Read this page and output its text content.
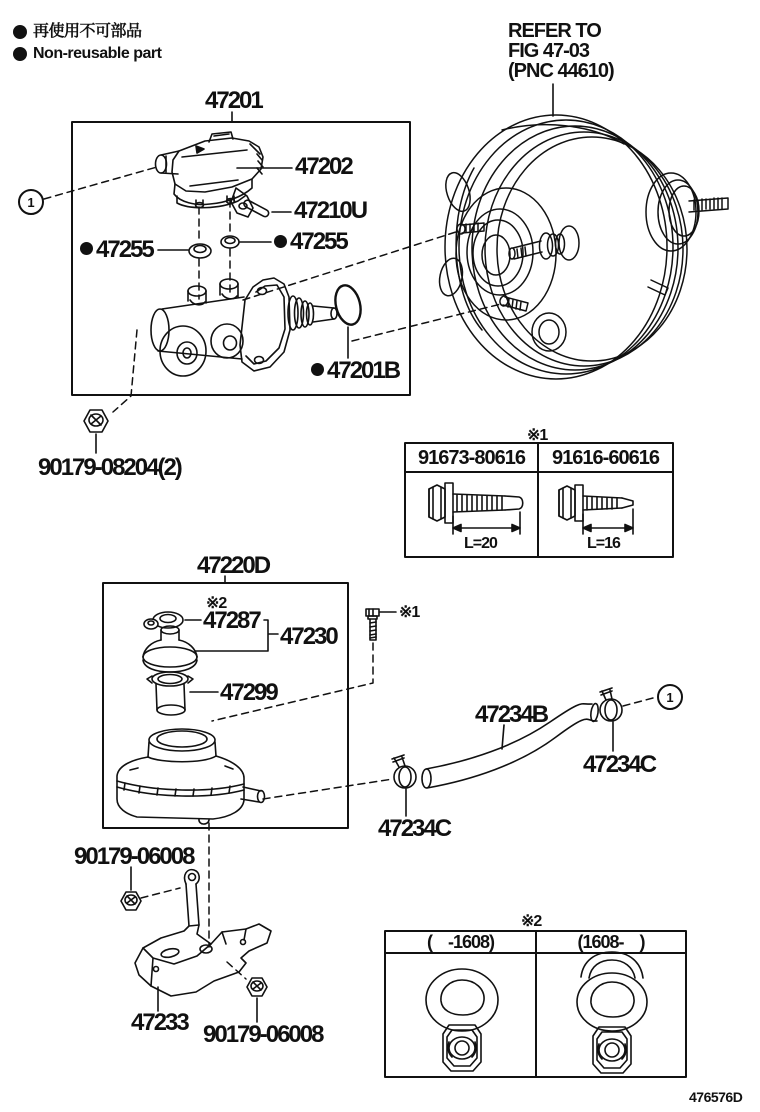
再使用不可部品
Non-reusable part
REFER TO
FIG 47-03
(PNC 44610)
1
1
47201
47202
47210U
47255	47255
47201B
90179-08204(2)
47220D
※2
47287
47230
47299
※1
47234B
47234C
47234C
90179-06008
47233 90179-06008
※1
91673-80616 91616-60616
L=20	L=16
※2
(    -1608)	(1608-    )
476576D
